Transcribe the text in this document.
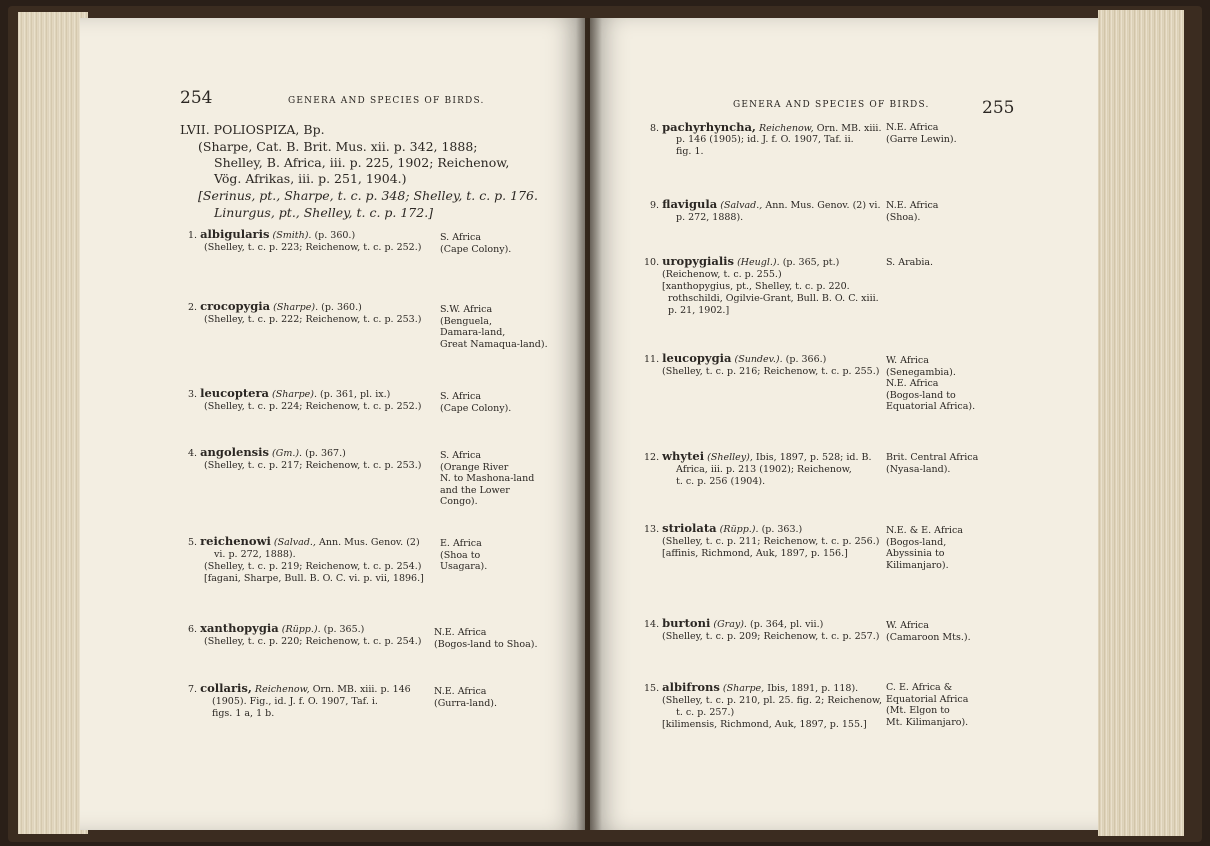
254	GENERA AND SPECIES OF BIRDS.
LVII. POLIOSPIZA, Bp.
(Sharpe, Cat. B. Brit. Mus. xii. p. 342, 1888;
Shelley, B. Africa, iii. p. 225, 1902; Reichenow,
Vög. Afrikas, iii. p. 251, 1904.)
[Serinus, pt., Sharpe, t. c. p. 348; Shelley, t. c. p. 176.
Linurgus, pt., Shelley, t. c. p. 172.]
1. albigularis (Smith). (p. 360.)
(Shelley, t. c. p. 223; Reichenow, t. c. p. 252.)
S. Africa
(Cape Colony).
2. crocopygia (Sharpe). (p. 360.)
(Shelley, t. c. p. 222; Reichenow, t. c. p. 253.)
S.W. Africa
(Benguela,
Damara-land,
Great Namaqua-land).
3. leucoptera (Sharpe). (p. 361, pl. ix.)
(Shelley, t. c. p. 224; Reichenow, t. c. p. 252.)
S. Africa
(Cape Colony).
4. angolensis (Gm.). (p. 367.)
(Shelley, t. c. p. 217; Reichenow, t. c. p. 253.)
S. Africa
(Orange River
N. to Mashona-land
and the Lower
Congo).
5. reichenowi (Salvad., Ann. Mus. Genov. (2)
vi. p. 272, 1888).
(Shelley, t. c. p. 219; Reichenow, t. c. p. 254.)
[fagani, Sharpe, Bull. B. O. C. vi. p. vii, 1896.]
E. Africa
(Shoa to
Usagara).
6. xanthopygia (Rüpp.). (p. 365.)
(Shelley, t. c. p. 220; Reichenow, t. c. p. 254.)
N.E. Africa
(Bogos-land to Shoa).
7. collaris, Reichenow, Orn. MB. xiii. p. 146
(1905). Fig., id. J. f. O. 1907, Taf. i.
figs. 1 a, 1 b.
N.E. Africa
(Gurra-land).
GENERA AND SPECIES OF BIRDS.	255
8. pachyrhyncha, Reichenow, Orn. MB. xiii.
p. 146 (1905); id. J. f. O. 1907, Taf. ii.
fig. 1.
N.E. Africa
(Garre Lewin).
9. flavigula (Salvad., Ann. Mus. Genov. (2) vi.
p. 272, 1888).
N.E. Africa
(Shoa).
10. uropygialis (Heugl.). (p. 365, pt.)
(Reichenow, t. c. p. 255.)
[xanthopygius, pt., Shelley, t. c. p. 220.
rothschildi, Ogilvie-Grant, Bull. B. O. C. xiii.
p. 21, 1902.]
S. Arabia.
11. leucopygia (Sundev.). (p. 366.)
(Shelley, t. c. p. 216; Reichenow, t. c. p. 255.)
W. Africa
(Senegambia).
N.E. Africa
(Bogos-land to
Equatorial Africa).
12. whytei (Shelley), Ibis, 1897, p. 528; id. B.
Africa, iii. p. 213 (1902); Reichenow,
t. c. p. 256 (1904).
Brit. Central Africa
(Nyasa-land).
13. striolata (Rüpp.). (p. 363.)
(Shelley, t. c. p. 211; Reichenow, t. c. p. 256.)
[affinis, Richmond, Auk, 1897, p. 156.]
N.E. & E. Africa
(Bogos-land,
Abyssinia to
Kilimanjaro).
14. burtoni (Gray). (p. 364, pl. vii.)
(Shelley, t. c. p. 209; Reichenow, t. c. p. 257.)
W. Africa
(Camaroon Mts.).
15. albifrons (Sharpe, Ibis, 1891, p. 118).
(Shelley, t. c. p. 210, pl. 25. fig. 2; Reichenow,
t. c. p. 257.)
[kilimensis, Richmond, Auk, 1897, p. 155.]
C. E. Africa &
Equatorial Africa
(Mt. Elgon to
Mt. Kilimanjaro).
